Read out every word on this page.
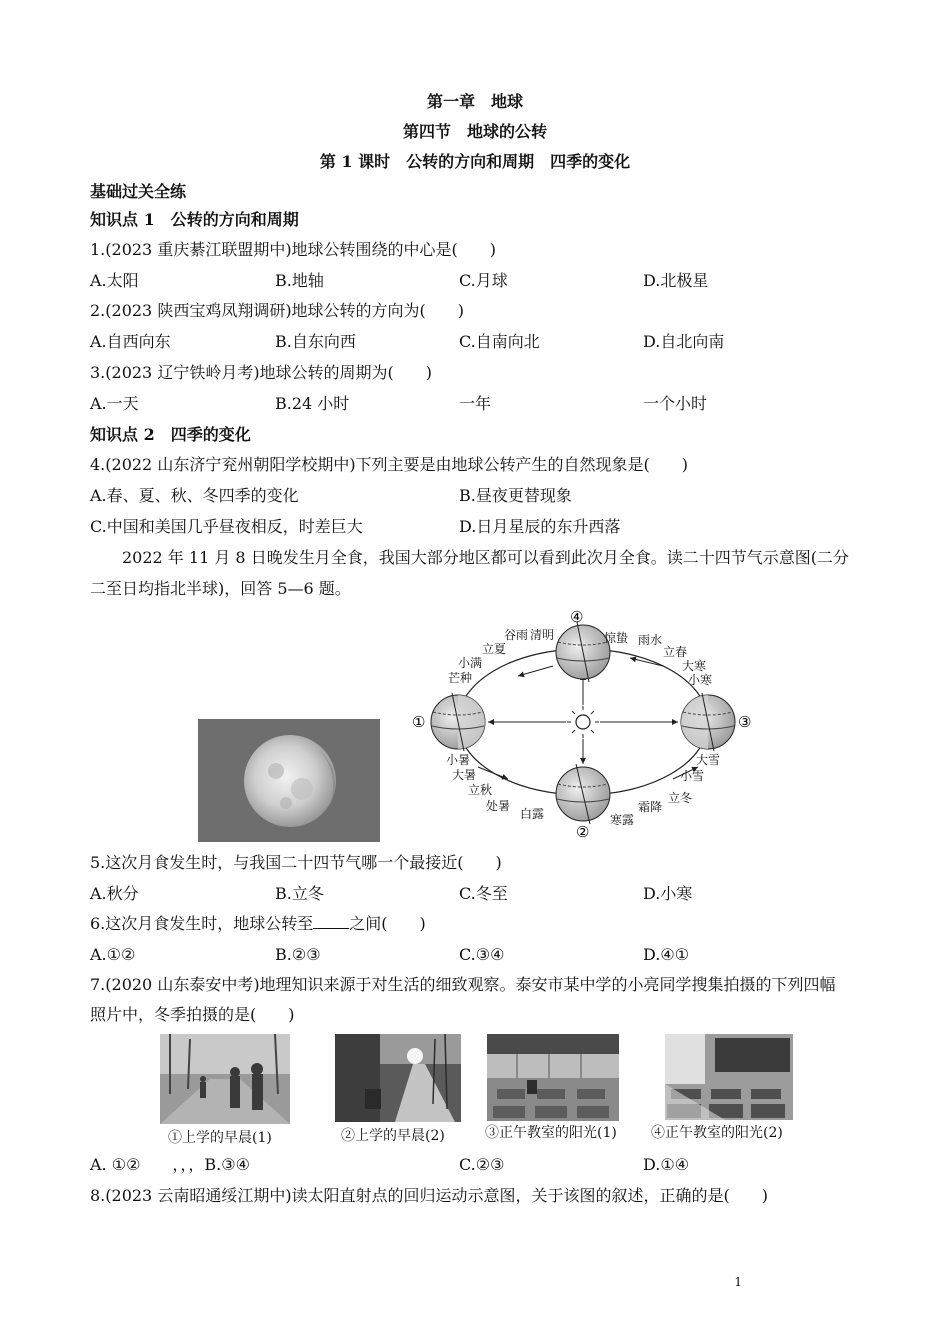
第一章　地球
第四节　地球的公转
第 1 课时　公转的方向和周期　四季的变化
基础过关全练
知识点 1　公转的方向和周期
1.(2023 重庆綦江联盟期中)地球公转围绕的中心是(　　)
A.太阳	B.地轴	C.月球	D.北极星
2.(2023 陕西宝鸡凤翔调研)地球公转的方向为(　　)
A.自西向东	B.自东向西	C.自南向北	D.自北向南
3.(2023 辽宁铁岭月考)地球公转的周期为(　　)
A.一天	B.24 小时	一年	一个小时
知识点 2　四季的变化
4.(2022 山东济宁兖州朝阳学校期中)下列主要是由地球公转产生的自然现象是(　　)
A.春、夏、秋、冬四季的变化	B.昼夜更替现象
C.中国和美国几乎昼夜相反，时差巨大	D.日月星辰的东升西落
2022 年 11 月 8 日晚发生月全食，我国大部分地区都可以看到此次月全食。读二十四节气示意图(二分
二至日均指北半球)，回答 5—6 题。
①
②
③
④
谷雨 清明
立夏
小满
芒种
惊蛰 雨水
立春
大寒
小寒
小暑
大暑
立秋
处暑
白露	寒露
霜降
立冬
小雪
大雪
5.这次月食发生时，与我国二十四节气哪一个最接近(　　)
A.秋分	B.立冬	C.冬至	D.小寒
6.这次月食发生时，地球公转至 之间(　　)
A.①②	B.②③	C.③④	D.④①
7.(2020 山东泰安中考)地理知识来源于对生活的细致观察。泰安市某中学的小亮同学搜集拍摄的下列四幅
照片中，冬季拍摄的是(　　)
①上学的早晨(1)	②上学的早晨(2)	③正午教室的阳光(1) ④正午教室的阳光(2)
A. ①②　　，，，B.③④	C.②③	D.①④
8.(2023 云南昭通绥江期中)读太阳直射点的回归运动示意图，关于该图的叙述，正确的是(　　)
1
